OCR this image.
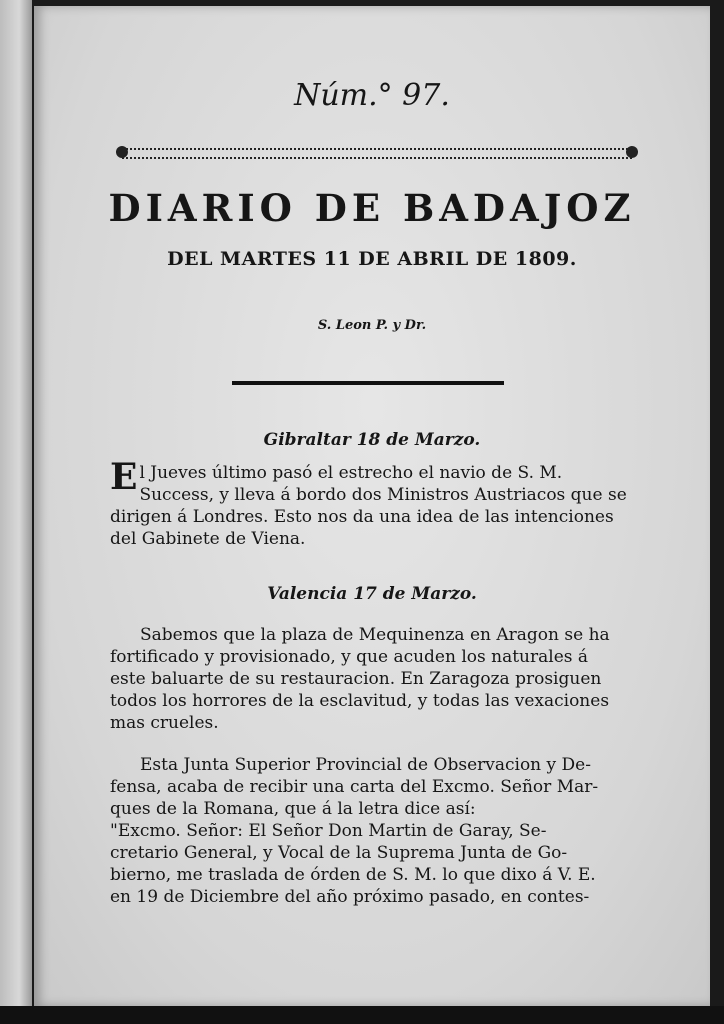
Núm.° 97.
DIARIO DE BADAJOZ
DEL MARTES 11 DE ABRIL DE 1809.
S. Leon P. y Dr.
Gibraltar 18 de Marzo.
El Jueves último pasó el estrecho el navio de S. M.
Success, y lleva á bordo dos Ministros Austriacos que se
dirigen á Londres. Esto nos da una idea de las intenciones
del Gabinete de Viena.
Valencia 17 de Marzo.
Sabemos que la plaza de Mequinenza en Aragon se ha
fortificado y provisionado, y que acuden los naturales á
este baluarte de su restauracion. En Zaragoza prosiguen
todos los horrores de la esclavitud, y todas las vexaciones
mas crueles.
Esta Junta Superior Provincial de Observacion y De-
fensa, acaba de recibir una carta del Excmo. Señor Mar-
ques de la Romana, que á la letra dice así:
"Excmo. Señor: El Señor Don Martin de Garay, Se-
cretario General, y Vocal de la Suprema Junta de Go-
bierno, me traslada de órden de S. M. lo que dixo á V. E.
en 19 de Diciembre del año próximo pasado, en contes-
